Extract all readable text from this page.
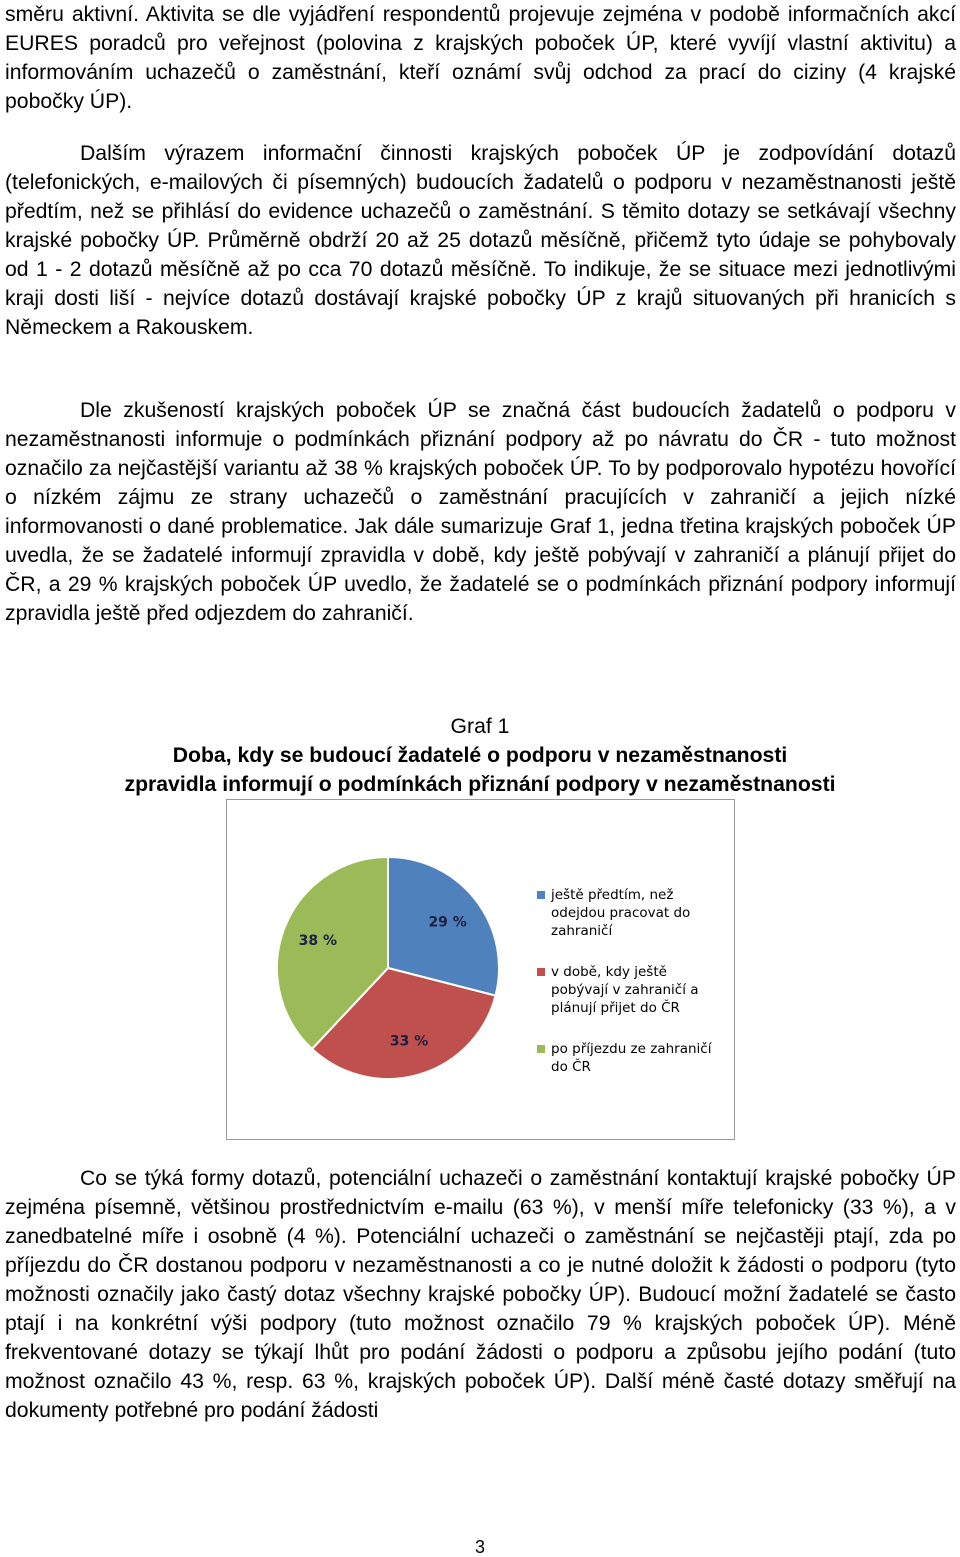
směru aktivní. Aktivita se dle vyjádření respondentů projevuje zejména v podobě informačních akcí EURES poradců pro veřejnost (polovina z krajských poboček ÚP, které vyvíjí vlastní aktivitu) a informováním uchazečů o zaměstnání, kteří oznámí svůj odchod za prací do ciziny (4 krajské pobočky ÚP).

Dalším výrazem informační činnosti krajských poboček ÚP je zodpovídání dotazů (telefonických, e-mailových či písemných) budoucích žadatelů o podporu v nezaměstnanosti ještě předtím, než se přihlásí do evidence uchazečů o zaměstnání. S těmito dotazy se setkávají všechny krajské pobočky ÚP. Průměrně obdrží 20 až 25 dotazů měsíčně, přičemž tyto údaje se pohybovaly od 1 - 2 dotazů měsíčně až po cca 70 dotazů měsíčně. To indikuje, že se situace mezi jednotlivými kraji dosti liší - nejvíce dotazů dostávají krajské pobočky ÚP z krajů situovaných při hranicích s Německem a Rakouskem.

Dle zkušeností krajských poboček ÚP se značná část budoucích žadatelů o podporu v nezaměstnanosti informuje o podmínkách přiznání podpory až po návratu do ČR - tuto možnost označilo za nejčastější variantu až 38 % krajských poboček ÚP. To by podporovalo hypotézu hovořící o nízkém zájmu ze strany uchazečů o zaměstnání pracujících v zahraničí a jejich nízké informovanosti o dané problematice. Jak dále sumarizuje Graf 1, jedna třetina krajských poboček ÚP uvedla, že se žadatelé informují zpravidla v době, kdy ještě pobývají v zahraničí a plánují přijet do ČR, a 29 % krajských poboček ÚP uvedlo, že žadatelé se o podmínkách přiznání podpory informují zpravidla ještě před odjezdem do zahraničí.

Graf 1
Doba, kdy se budoucí žadatelé o podporu v nezaměstnanosti
zpravidla informují o podmínkách přiznání podpory v nezaměstnanosti
29 %
33 %
38 %
ještě předtím, než
odejdou pracovat do
zahraničí
v době, kdy ještě
pobývají v zahraničí a
plánují přijet do ČR
po příjezdu ze zahraničí
do ČR

Co se týká formy dotazů, potenciální uchazeči o zaměstnání kontaktují krajské pobočky ÚP zejména písemně, většinou prostřednictvím e-mailu (63 %), v menší míře telefonicky (33 %), a v zanedbatelné míře i osobně (4 %). Potenciální uchazeči o zaměstnání se nejčastěji ptají, zda po příjezdu do ČR dostanou podporu v nezaměstnanosti a co je nutné doložit k žádosti o podporu (tyto možnosti označily jako častý dotaz všechny krajské pobočky ÚP). Budoucí možní žadatelé se často ptají i na konkrétní výši podpory (tuto možnost označilo 79 % krajských poboček ÚP). Méně frekventované dotazy se týkají lhůt pro podání žádosti o podporu a způsobu jejího podání (tuto možnost označilo 43 %, resp. 63 %, krajských poboček ÚP). Další méně časté dotazy směřují na dokumenty potřebné pro podání žádosti

3
